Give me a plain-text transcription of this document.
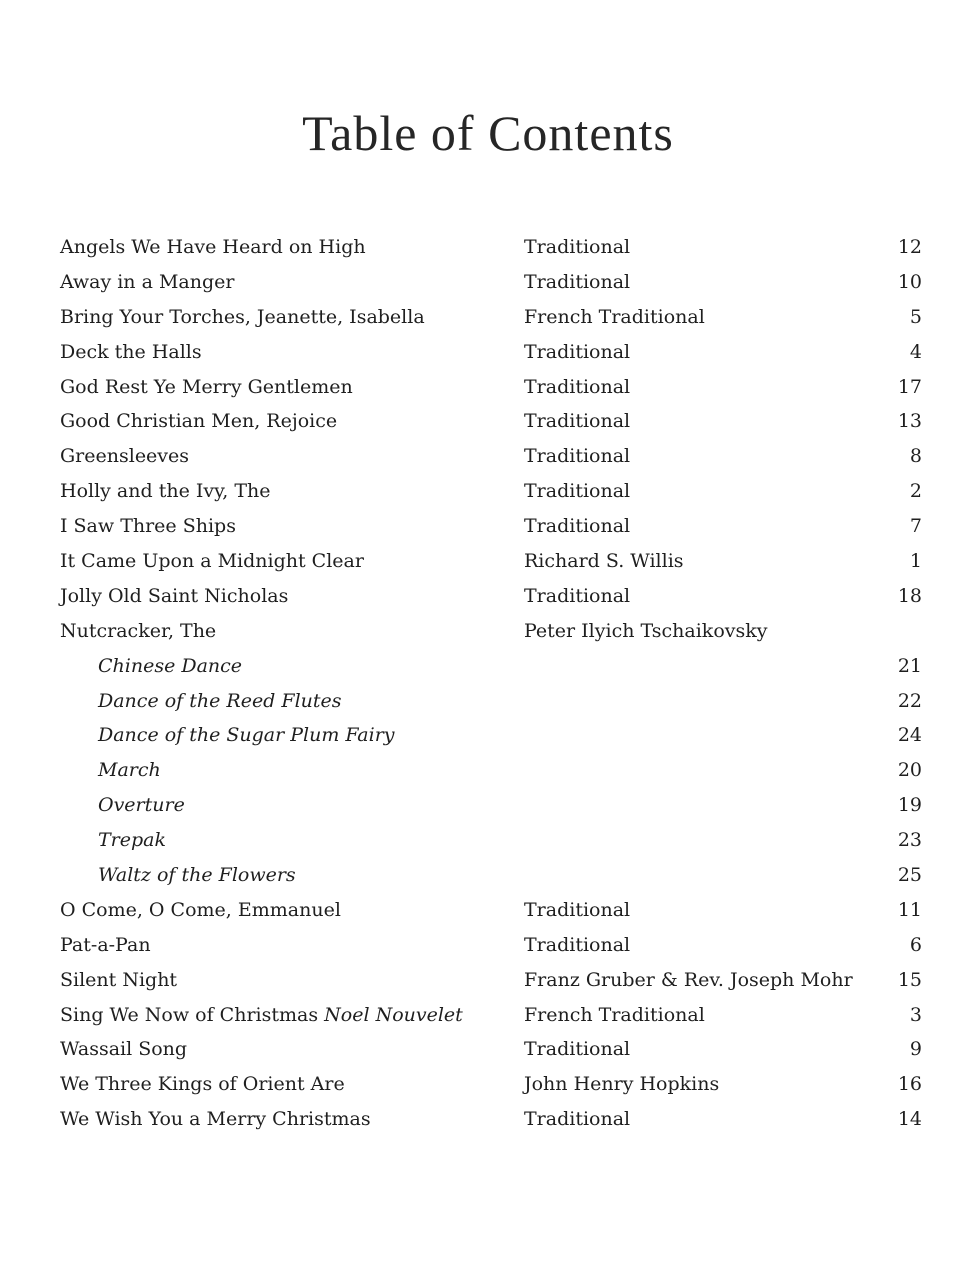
Table of Contents
Angels We Have Heard on High	Traditional	12
Away in a Manger	Traditional	10
Bring Your Torches, Jeanette, Isabella	French Traditional	5
Deck the Halls	Traditional	4
God Rest Ye Merry Gentlemen	Traditional	17
Good Christian Men, Rejoice	Traditional	13
Greensleeves	Traditional	8
Holly and the Ivy, The	Traditional	2
I Saw Three Ships	Traditional	7
It Came Upon a Midnight Clear	Richard S. Willis	1
Jolly Old Saint Nicholas	Traditional	18
Nutcracker, The	Peter Ilyich Tschaikovsky
Chinese Dance	21
Dance of the Reed Flutes	22
Dance of the Sugar Plum Fairy	24
March	20
Overture	19
Trepak	23
Waltz of the Flowers	25
O Come, O Come, Emmanuel	Traditional	11
Pat-a-Pan	Traditional	6
Silent Night	Franz Gruber & Rev. Joseph Mohr 15
Sing We Now of Christmas Noel Nouvelet	French Traditional	3
Wassail Song	Traditional	9
We Three Kings of Orient Are	John Henry Hopkins	16
We Wish You a Merry Christmas	Traditional	14
